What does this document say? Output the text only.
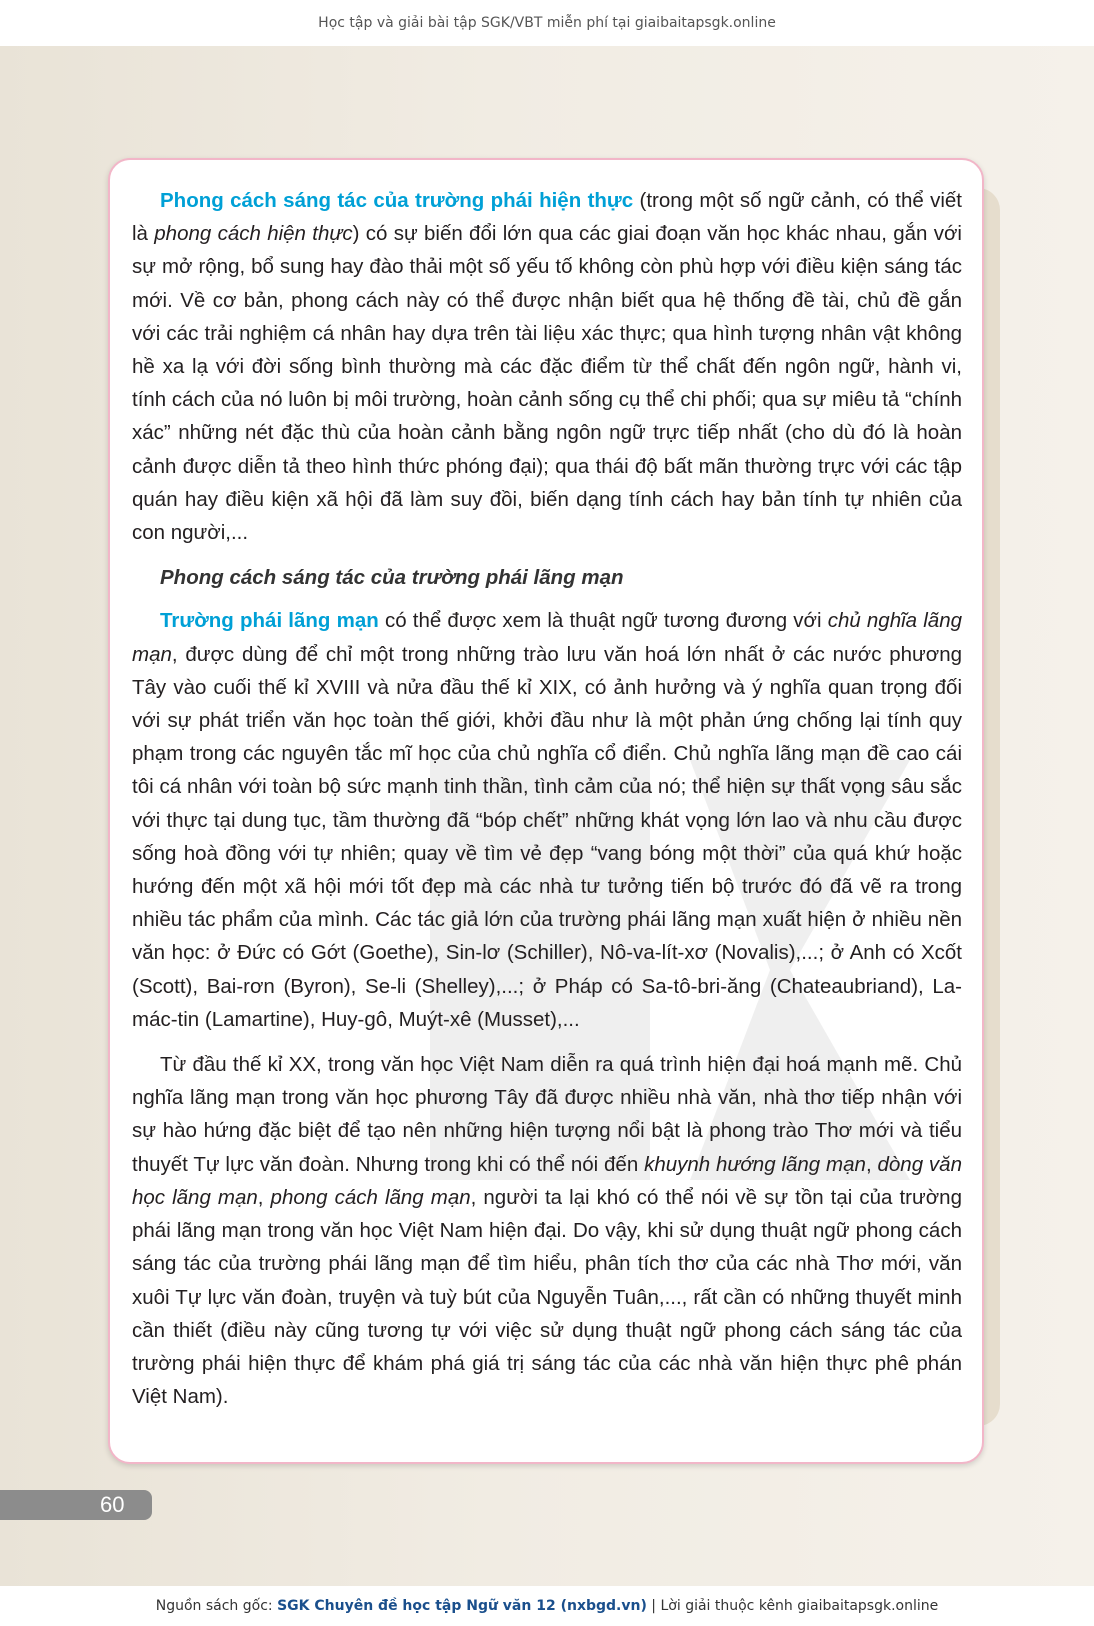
Học tập và giải bài tập SGK/VBT miễn phí tại giaibaitapsgk.online

Phong cách sáng tác của trường phái hiện thực (trong một số ngữ cảnh, có thể viết là phong cách hiện thực) có sự biến đổi lớn qua các giai đoạn văn học khác nhau, gắn với sự mở rộng, bổ sung hay đào thải một số yếu tố không còn phù hợp với điều kiện sáng tác mới. Về cơ bản, phong cách này có thể được nhận biết qua hệ thống đề tài, chủ đề gắn với các trải nghiệm cá nhân hay dựa trên tài liệu xác thực; qua hình tượng nhân vật không hề xa lạ với đời sống bình thường mà các đặc điểm từ thể chất đến ngôn ngữ, hành vi, tính cách của nó luôn bị môi trường, hoàn cảnh sống cụ thể chi phối; qua sự miêu tả “chính xác” những nét đặc thù của hoàn cảnh bằng ngôn ngữ trực tiếp nhất (cho dù đó là hoàn cảnh được diễn tả theo hình thức phóng đại); qua thái độ bất mãn thường trực với các tập quán hay điều kiện xã hội đã làm suy đồi, biến dạng tính cách hay bản tính tự nhiên của con người,...

Phong cách sáng tác của trường phái lãng mạn

Trường phái lãng mạn có thể được xem là thuật ngữ tương đương với chủ nghĩa lãng mạn, được dùng để chỉ một trong những trào lưu văn hoá lớn nhất ở các nước phương Tây vào cuối thế kỉ XVIII và nửa đầu thế kỉ XIX, có ảnh hưởng và ý nghĩa quan trọng đối với sự phát triển văn học toàn thế giới, khởi đầu như là một phản ứng chống lại tính quy phạm trong các nguyên tắc mĩ học của chủ nghĩa cổ điển. Chủ nghĩa lãng mạn đề cao cái tôi cá nhân với toàn bộ sức mạnh tinh thần, tình cảm của nó; thể hiện sự thất vọng sâu sắc với thực tại dung tục, tầm thường đã “bóp chết” những khát vọng lớn lao và nhu cầu được sống hoà đồng với tự nhiên; quay về tìm vẻ đẹp “vang bóng một thời” của quá khứ hoặc hướng đến một xã hội mới tốt đẹp mà các nhà tư tưởng tiến bộ trước đó đã vẽ ra trong nhiều tác phẩm của mình. Các tác giả lớn của trường phái lãng mạn xuất hiện ở nhiều nền văn học: ở Đức có Gớt (Goethe), Sin-lơ (Schiller), Nô-va-lít-xơ (Novalis),...; ở Anh có Xcốt (Scott), Bai-rơn (Byron), Se-li (Shelley),...; ở Pháp có Sa-tô-bri-ăng (Chateaubriand), La-mác-tin (Lamartine), Huy-gô, Muýt-xê (Musset),...

Từ đầu thế kỉ XX, trong văn học Việt Nam diễn ra quá trình hiện đại hoá mạnh mẽ. Chủ nghĩa lãng mạn trong văn học phương Tây đã được nhiều nhà văn, nhà thơ tiếp nhận với sự hào hứng đặc biệt để tạo nên những hiện tượng nổi bật là phong trào Thơ mới và tiểu thuyết Tự lực văn đoàn. Nhưng trong khi có thể nói đến khuynh hướng lãng mạn, dòng văn học lãng mạn, phong cách lãng mạn, người ta lại khó có thể nói về sự tồn tại của trường phái lãng mạn trong văn học Việt Nam hiện đại. Do vậy, khi sử dụng thuật ngữ phong cách sáng tác của trường phái lãng mạn để tìm hiểu, phân tích thơ của các nhà Thơ mới, văn xuôi Tự lực văn đoàn, truyện và tuỳ bút của Nguyễn Tuân,..., rất cần có những thuyết minh cần thiết (điều này cũng tương tự với việc sử dụng thuật ngữ phong cách sáng tác của trường phái hiện thực để khám phá giá trị sáng tác của các nhà văn hiện thực phê phán Việt Nam).

60
Nguồn sách gốc: SGK Chuyên đề học tập Ngữ văn 12 (nxbgd.vn) | Lời giải thuộc kênh giaibaitapsgk.online
